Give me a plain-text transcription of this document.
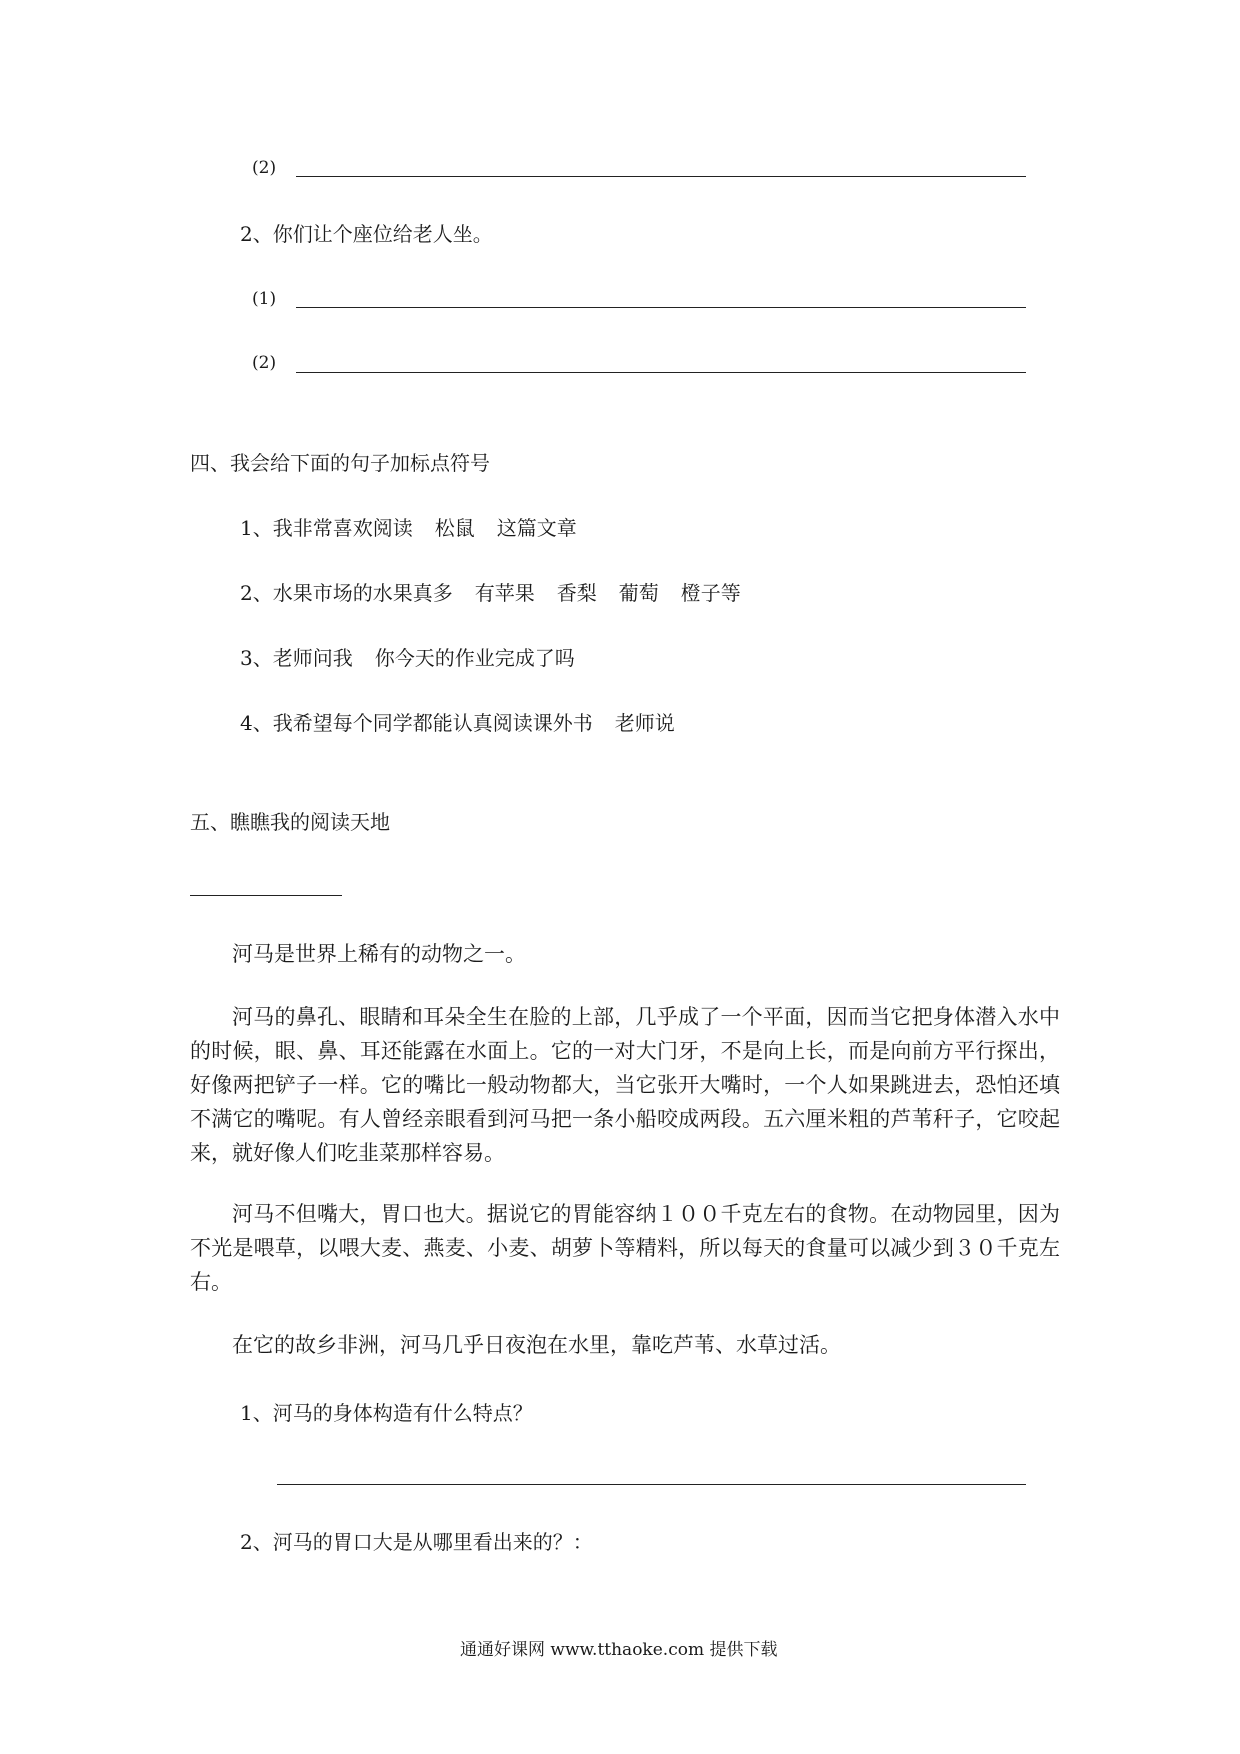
(2)
2、你们让个座位给老人坐。
(1)
(2)
四、我会给下面的句子加标点符号
1、我非常喜欢阅读 松鼠 这篇文章
2、水果市场的水果真多 有苹果 香梨 葡萄 橙子等
3、老师问我 你今天的作业完成了吗
4、我希望每个同学都能认真阅读课外书 老师说
五、瞧瞧我的阅读天地
河马是世界上稀有的动物之一。
河马的鼻孔、眼睛和耳朵全生在脸的上部，几乎成了一个平面，因而当它把身体潜入水中的时候，眼、鼻、耳还能露在水面上。它的一对大门牙，不是向上长，而是向前方平行探出，好像两把铲子一样。它的嘴比一般动物都大，当它张开大嘴时，一个人如果跳进去，恐怕还填不满它的嘴呢。有人曾经亲眼看到河马把一条小船咬成两段。五六厘米粗的芦苇秆子，它咬起来，就好像人们吃韭菜那样容易。
河马不但嘴大，胃口也大。据说它的胃能容纳１００千克左右的食物。在动物园里，因为不光是喂草，以喂大麦、燕麦、小麦、胡萝卜等精料，所以每天的食量可以减少到３０千克左右。
在它的故乡非洲，河马几乎日夜泡在水里，靠吃芦苇、水草过活。
1、河马的身体构造有什么特点？
2、河马的胃口大是从哪里看出来的？：
通通好课网 www.tthaoke.com 提供下载
